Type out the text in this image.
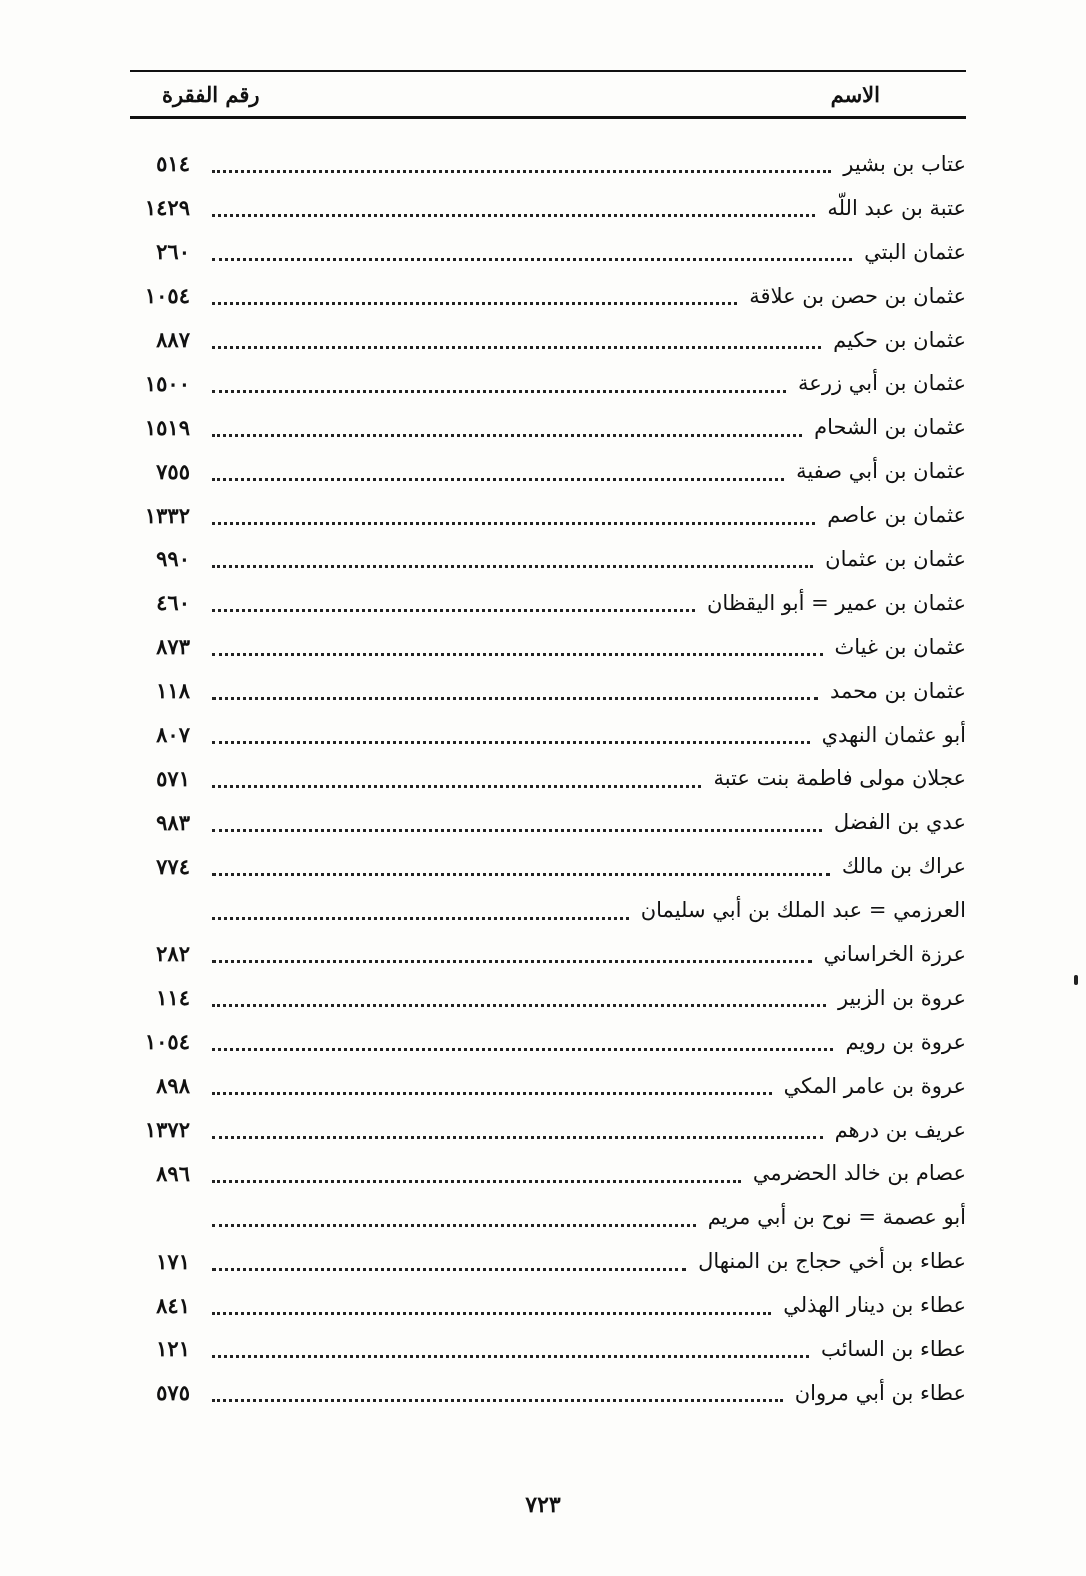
رقم الفقرة	الاسم
٥١٤	عتاب بن بشير
١٤٢٩	عتبة بن عبد اللّه
٢٦٠	عثمان البتي
١٠٥٤	عثمان بن حصن بن علاقة
٨٨٧	عثمان بن حكيم
١٥٠٠	عثمان بن أبي زرعة
١٥١٩	عثمان بن الشحام
٧٥٥	عثمان بن أبي صفية
١٣٣٢	عثمان بن عاصم
٩٩٠	عثمان بن عثمان
٤٦٠	عثمان بن عمير = أبو اليقظان
٨٧٣	عثمان بن غياث
١١٨	عثمان بن محمد
٨٠٧	أبو عثمان النهدي
٥٧١	عجلان مولى فاطمة بنت عتبة
٩٨٣	عدي بن الفضل
٧٧٤	عراك بن مالك
العرزمي = عبد الملك بن أبي سليمان
٢٨٢	عرزة الخراساني
١١٤	عروة بن الزبير
١٠٥٤	عروة بن رويم
٨٩٨	عروة بن عامر المكي
١٣٧٢	عريف بن درهم
٨٩٦	عصام بن خالد الحضرمي
أبو عصمة = نوح بن أبي مريم
١٧١	عطاء بن أخي حجاج بن المنهال
٨٤١	عطاء بن دينار الهذلي
١٢١	عطاء بن السائب
٥٧٥	عطاء بن أبي مروان
٧٢٣
